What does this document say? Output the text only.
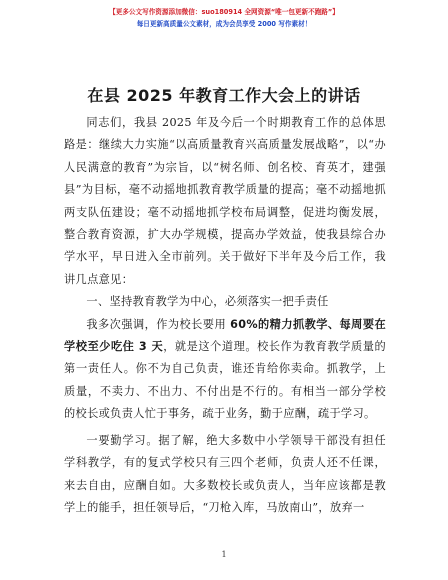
【更多公文写作资源添加微信：suo180914 全网资源“唯一包更新不跑路”】
每日更新高质量公文素材，成为会员享受 2000 写作素材！
在县 2025 年教育工作大会上的讲话

同志们，我县 2025 年及今后一个时期教育工作的总体思路是：继续大力实施“以高质量教育兴高质量发展战略”，以“办人民满意的教育”为宗旨，以“树名师、创名校、育英才，建强县”为目标，毫不动摇地抓教育教学质量的提高；毫不动摇地抓两支队伍建设；毫不动摇地抓学校布局调整，促进均衡发展，整合教育资源，扩大办学规模，提高办学效益，使我县综合办学水平，早日进入全市前列。关于做好下半年及今后工作，我讲几点意见：

一、坚持教育教学为中心，必须落实一把手责任

我多次强调，作为校长要用 60%的精力抓教学、每周要在学校至少吃住 3 天，就是这个道理。校长作为教育教学质量的第一责任人。你不为自己负责，谁还肯给你卖命。抓教学，上质量，不卖力、不出力、不付出是不行的。有相当一部分学校的校长或负责人忙于事务，疏于业务，勤于应酬，疏于学习。

一要勤学习。据了解，绝大多数中小学领导干部没有担任学科教学，有的复式学校只有三四个老师，负责人还不任课，来去自由，应酬自如。大多数校长或负责人，当年应该都是教学上的能手，担任领导后，“刀枪入库，马放南山”，放弃一

1
